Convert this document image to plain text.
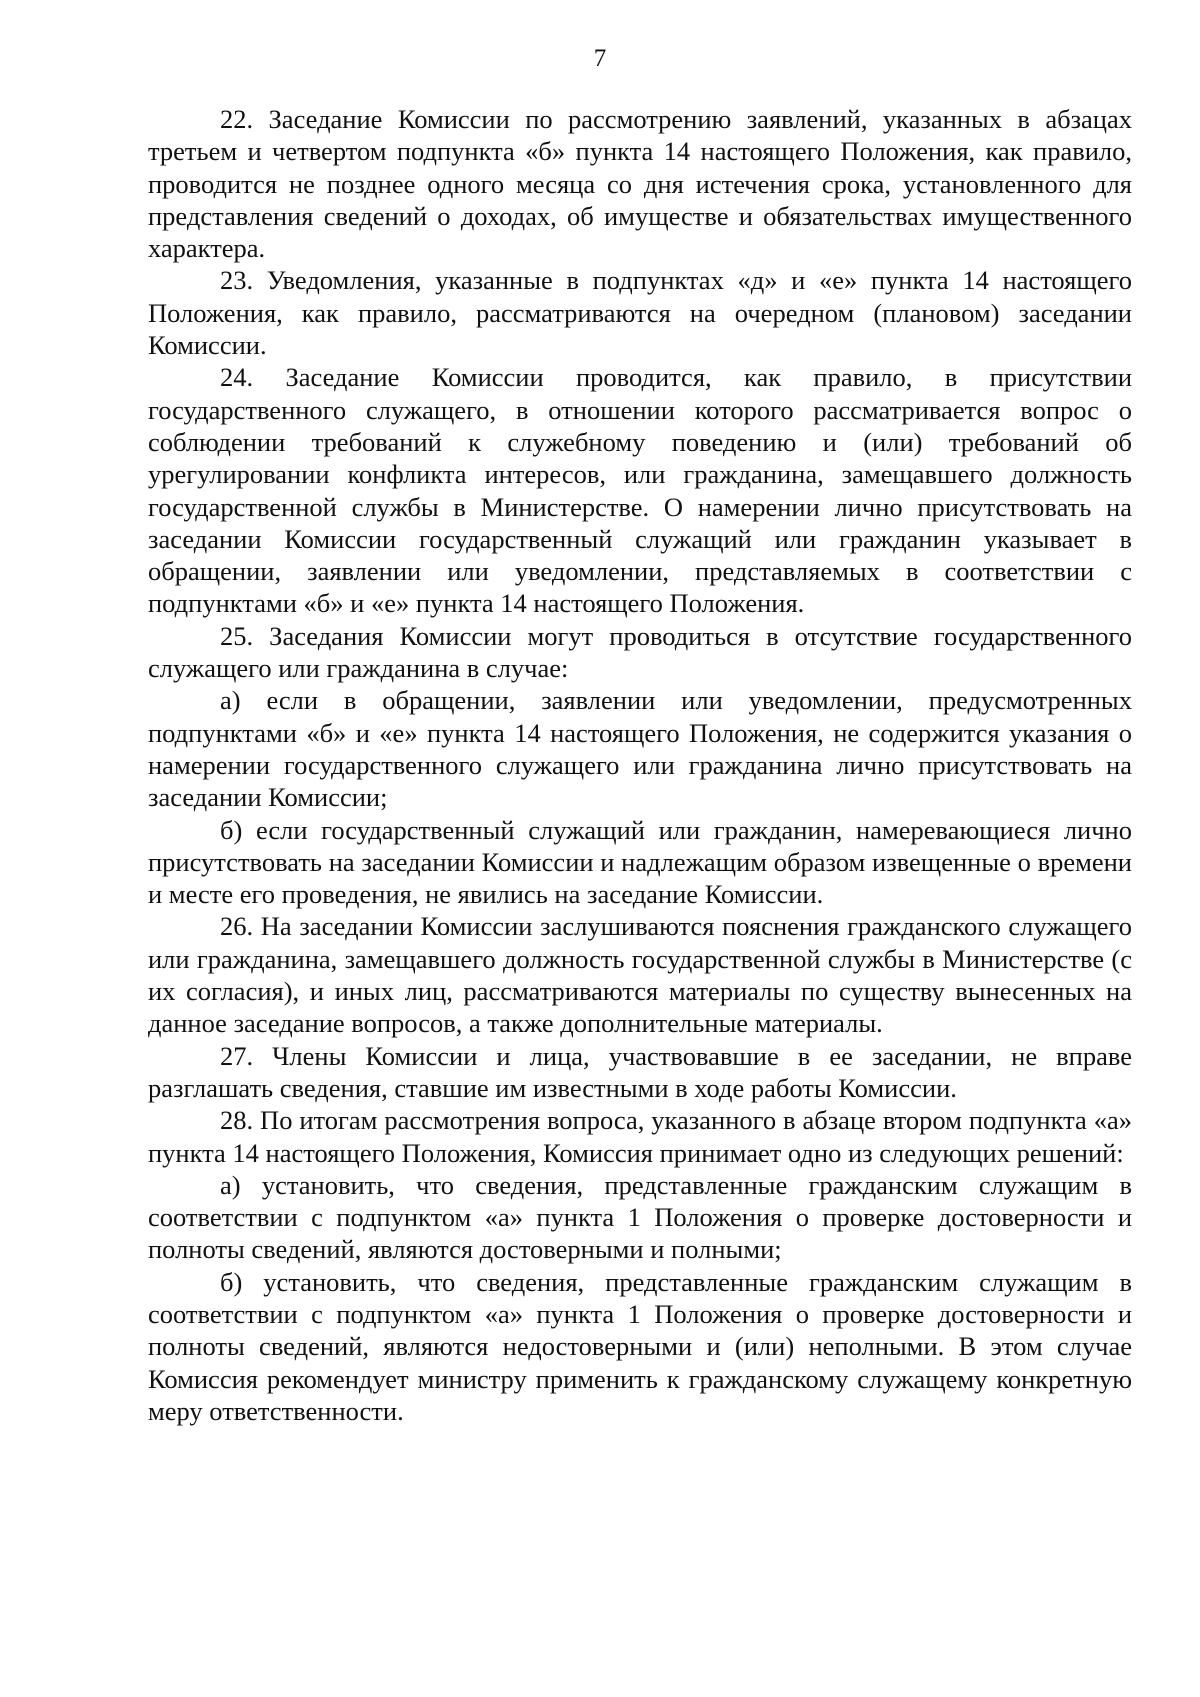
7

22. Заседание Комиссии по рассмотрению заявлений, указанных в абзацах третьем и четвертом подпункта «б» пункта 14 настоящего Положения, как правило, проводится не позднее одного месяца со дня истечения срока, установленного для представления сведений о доходах, об имуществе и обязательствах имущественного характера.

23. Уведомления, указанные в подпунктах «д» и «е» пункта 14 настоящего Положения, как правило, рассматриваются на очередном (плановом) заседании Комиссии.

24. Заседание Комиссии проводится, как правило, в присутствии государственного служащего, в отношении которого рассматривается вопрос о соблюдении требований к служебному поведению и (или) требований об урегулировании конфликта интересов, или гражданина, замещавшего должность государственной службы в Министерстве. О намерении лично присутствовать на заседании Комиссии государственный служащий или гражданин указывает в обращении, заявлении или уведомлении, представляемых в соответствии с подпунктами «б» и «е» пункта 14 настоящего Положения.

25. Заседания Комиссии могут проводиться в отсутствие государственного служащего или гражданина в случае:

а) если в обращении, заявлении или уведомлении, предусмотренных подпунктами «б» и «е» пункта 14 настоящего Положения, не содержится указания о намерении государственного служащего или гражданина лично присутствовать на заседании Комиссии;

б) если государственный служащий или гражданин, намеревающиеся лично присутствовать на заседании Комиссии и надлежащим образом извещенные о времени и месте его проведения, не явились на заседание Комиссии.

26. На заседании Комиссии заслушиваются пояснения гражданского служащего или гражданина, замещавшего должность государственной службы в Министерстве (с их согласия), и иных лиц, рассматриваются материалы по существу вынесенных на данное заседание вопросов, а также дополнительные материалы.

27. Члены Комиссии и лица, участвовавшие в ее заседании, не вправе разглашать сведения, ставшие им известными в ходе работы Комиссии.

28. По итогам рассмотрения вопроса, указанного в абзаце втором подпункта «а» пункта 14 настоящего Положения, Комиссия принимает одно из следующих решений:

а) установить, что сведения, представленные гражданским служащим в соответствии с подпунктом «а» пункта 1 Положения о проверке достоверности и полноты сведений, являются достоверными и полными;

б) установить, что сведения, представленные гражданским служащим в соответствии с подпунктом «а» пункта 1 Положения о проверке достоверности и полноты сведений, являются недостоверными и (или) неполными. В этом случае Комиссия рекомендует министру применить к гражданскому служащему конкретную меру ответственности.
